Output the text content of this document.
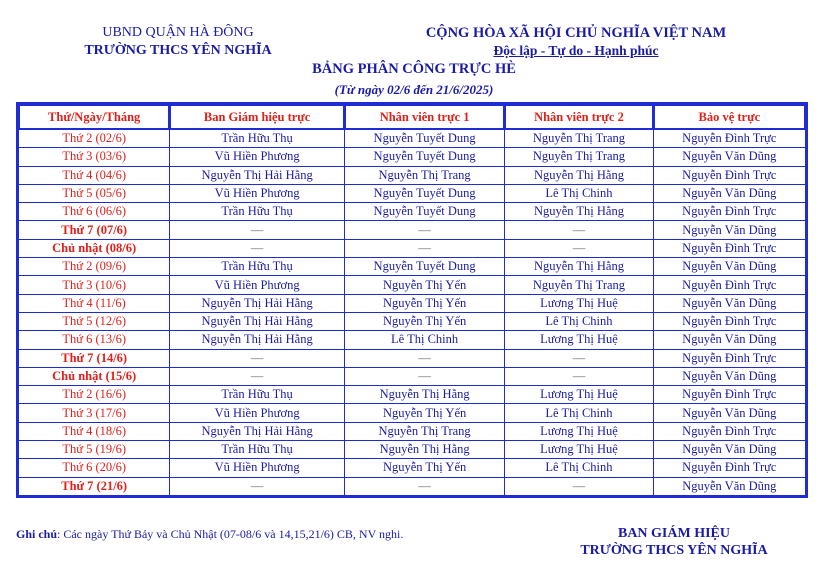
UBND QUẬN HÀ ĐÔNG
TRƯỜNG THCS YÊN NGHĨA
CỘNG HÒA XÃ HỘI CHỦ NGHĨA VIỆT NAM
Độc lập - Tự do - Hạnh phúc
BẢNG PHÂN CÔNG TRỰC HÈ
(Từ ngày 02/6 đến 21/6/2025)
Thứ/Ngày/Tháng	Ban Giám hiệu trực	Nhân viên trực 1	Nhân viên trực 2	Bảo vệ trực
Thứ 2 (02/6)	Trần Hữu Thụ	Nguyễn Tuyết Dung	Nguyễn Thị Trang	Nguyễn Đình Trực
Thứ 3 (03/6)	Vũ Hiền Phương	Nguyễn Tuyết Dung	Nguyễn Thị Trang	Nguyễn Văn Dũng
Thứ 4 (04/6)	Nguyễn Thị Hải Hằng	Nguyễn Thị Trang	Nguyễn Thị Hằng	Nguyễn Đình Trực
Thứ 5 (05/6)	Vũ Hiền Phương	Nguyễn Tuyết Dung	Lê Thị Chinh	Nguyễn Văn Dũng
Thứ 6 (06/6)	Trần Hữu Thụ	Nguyễn Tuyết Dung	Nguyễn Thị Hằng	Nguyễn Đình Trực
Thứ 7 (07/6)	—	—	—	Nguyễn Văn Dũng
Chủ nhật (08/6)	—	—	—	Nguyễn Đình Trực
Thứ 2 (09/6)	Trần Hữu Thụ	Nguyễn Tuyết Dung	Nguyễn Thị Hằng	Nguyễn Văn Dũng
Thứ 3 (10/6)	Vũ Hiền Phương	Nguyễn Thị Yến	Nguyễn Thị Trang	Nguyễn Đình Trực
Thứ 4 (11/6)	Nguyễn Thị Hải Hằng	Nguyễn Thị Yến	Lương Thị Huệ	Nguyễn Văn Dũng
Thứ 5 (12/6)	Nguyễn Thị Hải Hằng	Nguyễn Thị Yến	Lê Thị Chinh	Nguyễn Đình Trực
Thứ 6 (13/6)	Nguyễn Thị Hải Hằng	Lê Thị Chinh	Lương Thị Huệ	Nguyễn Văn Dũng
Thứ 7 (14/6)	—	—	—	Nguyễn Đình Trực
Chủ nhật (15/6)	—	—	—	Nguyễn Văn Dũng
Thứ 2 (16/6)	Trần Hữu Thụ	Nguyễn Thị Hằng	Lương Thị Huệ	Nguyễn Đình Trực
Thứ 3 (17/6)	Vũ Hiền Phương	Nguyễn Thị Yến	Lê Thị Chinh	Nguyễn Văn Dũng
Thứ 4 (18/6)	Nguyễn Thị Hải Hằng	Nguyễn Thị Trang	Lương Thị Huệ	Nguyễn Đình Trực
Thứ 5 (19/6)	Trần Hữu Thụ	Nguyễn Thị Hằng	Lương Thị Huệ	Nguyễn Văn Dũng
Thứ 6 (20/6)	Vũ Hiền Phương	Nguyễn Thị Yến	Lê Thị Chinh	Nguyễn Đình Trực
Thứ 7 (21/6)	—	—	—	Nguyễn Văn Dũng
Ghi chú: Các ngày Thứ Bảy và Chủ Nhật (07-08/6 và 14,15,21/6) CB, NV nghi.	BAN GIÁM HIỆU
TRƯỜNG THCS YÊN NGHĨA
